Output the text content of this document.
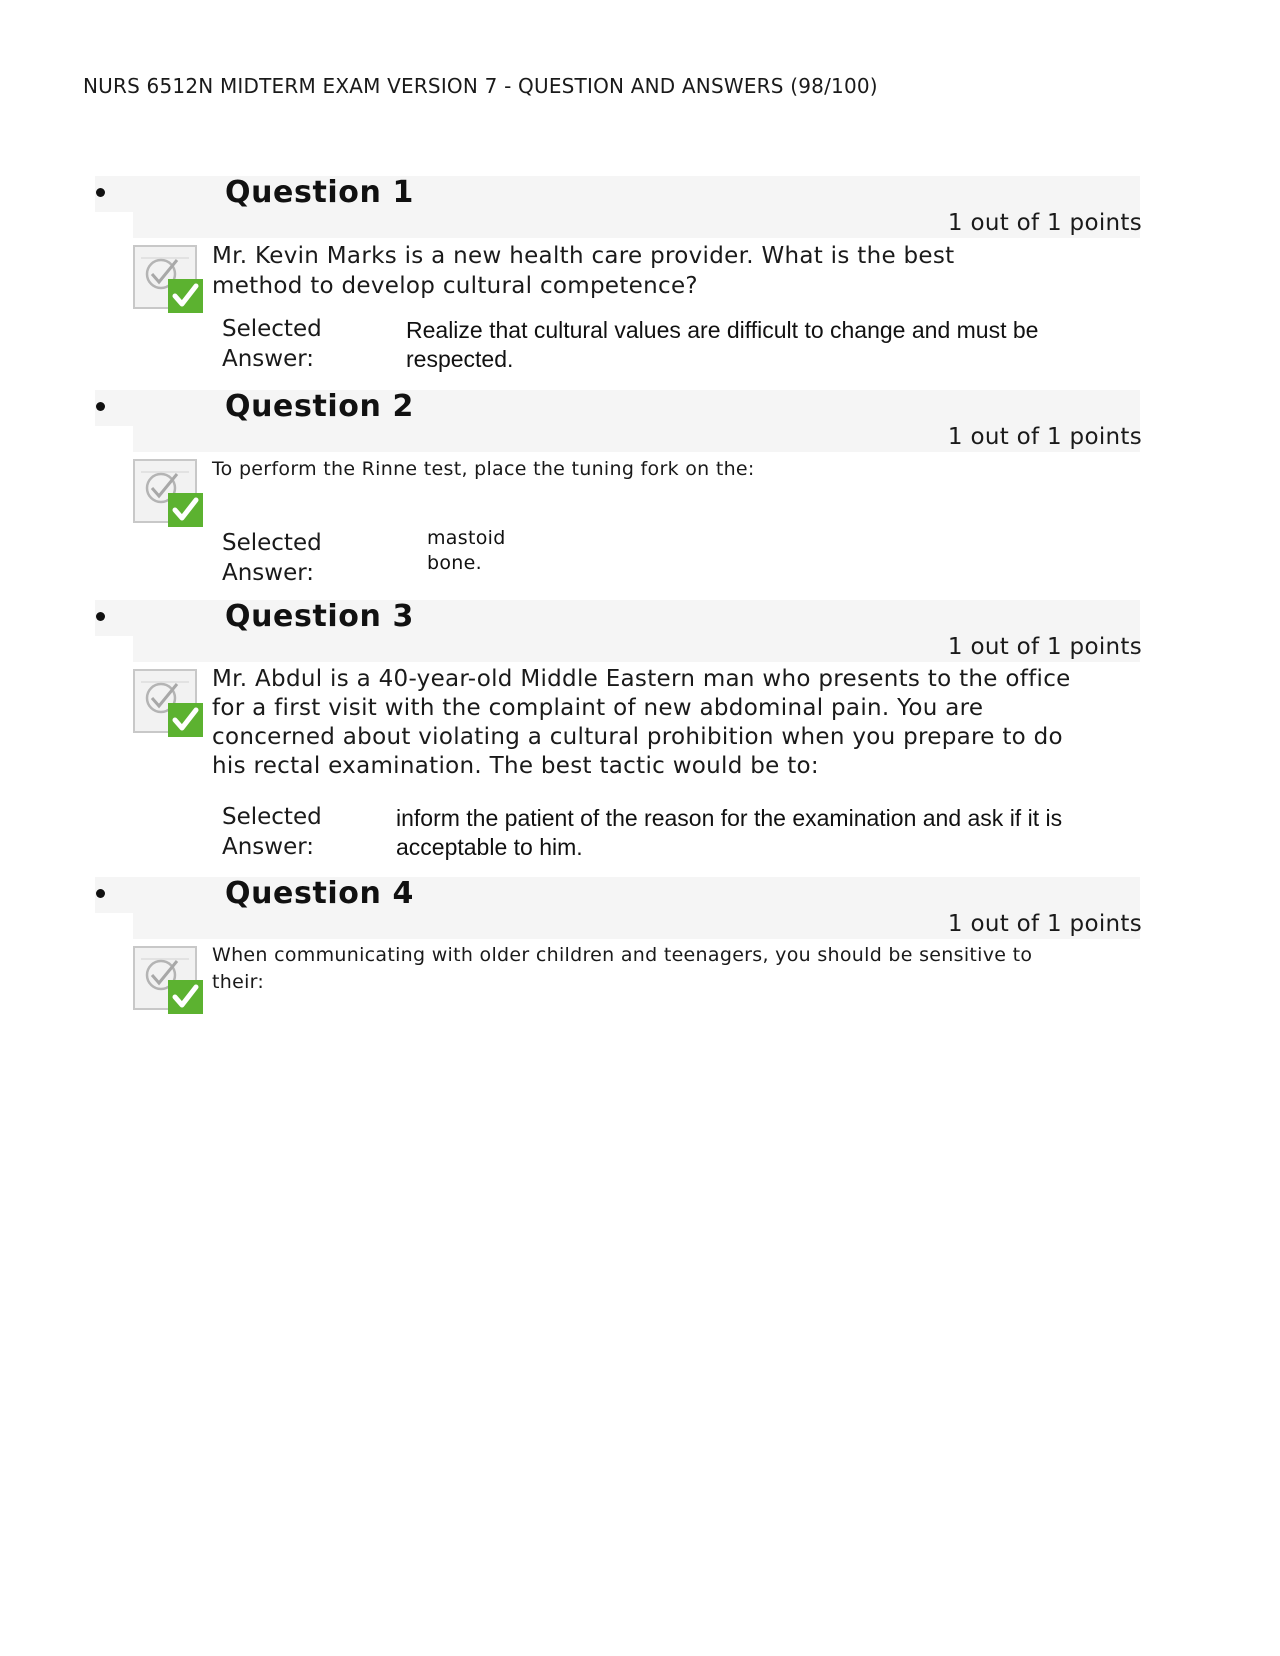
NURS 6512N MIDTERM EXAM VERSION 7 - QUESTION AND ANSWERS (98/100)
Question 1
1 out of 1 points
Mr. Kevin Marks is a new health care provider. What is the best method to develop cultural competence?
Selected Answer:
Realize that cultural values are difficult to change and must be respected.
Question 2
1 out of 1 points
To perform the Rinne test, place the tuning fork on the:
Selected Answer:
mastoid bone.
Question 3
1 out of 1 points
Mr. Abdul is a 40-year-old Middle Eastern man who presents to the office for a first visit with the complaint of new abdominal pain. You are concerned about violating a cultural prohibition when you prepare to do his rectal examination. The best tactic would be to:
Selected Answer:
inform the patient of the reason for the examination and ask if it is acceptable to him.
Question 4
1 out of 1 points
When communicating with older children and teenagers, you should be sensitive to their:
